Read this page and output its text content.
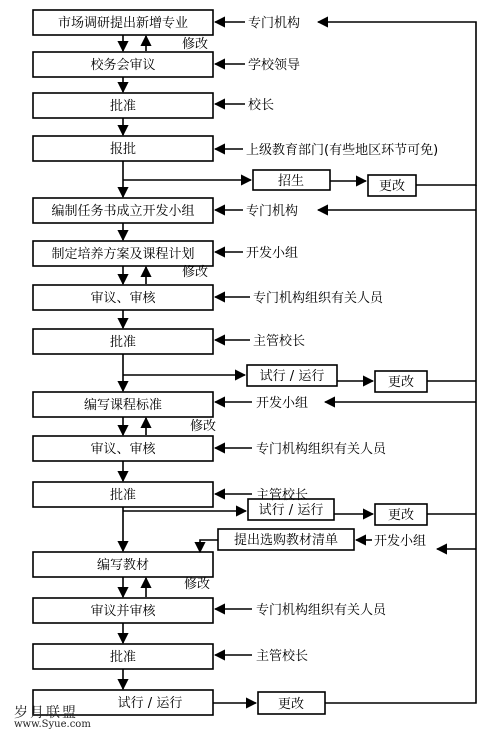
市场调研提出新增专业
校务会审议
批准
报批
招生	更改
编制任务书成立开发小组
制定培养方案及课程计划
审议、审核
批准
试行 / 运行	更改
编写课程标准
审议、审核
批准
试行 / 运行	更改
提出选购教材清单
编写教材
审议并审核
批准
试行 / 运行	更改
修改
修改
修改
修改
专门机构
学校领导
校长
上级教育部门(有些地区环节可免)
专门机构
开发小组
专门机构组织有关人员
主管校长
开发小组
专门机构组织有关人员
主管校长
开发小组
专门机构组织有关人员
主管校长
岁月联盟
www.Syue.com
